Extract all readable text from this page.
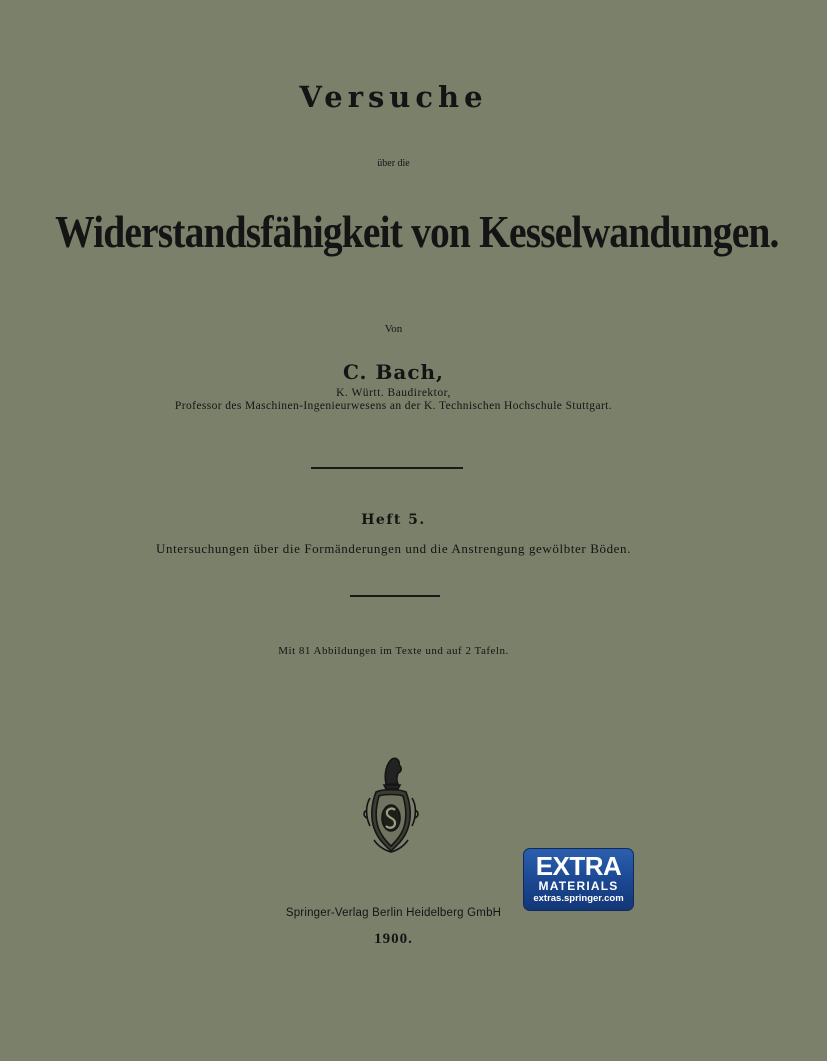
Versuche

über die

Widerstandsfähigkeit von Kesselwandungen.

Von

C. Bach,

K. Württ. Baudirektor,

Professor des Maschinen-Ingenieurwesens an der K. Technischen Hochschule Stuttgart.

Heft 5.

Untersuchungen über die Formänderungen und die Anstrengung gewölbter Böden.

Mit 81 Abbildungen im Texte und auf 2 Tafeln.

Springer-Verlag Berlin Heidelberg GmbH

1900.

EXTRA
MATERIALS
extras.springer.com
